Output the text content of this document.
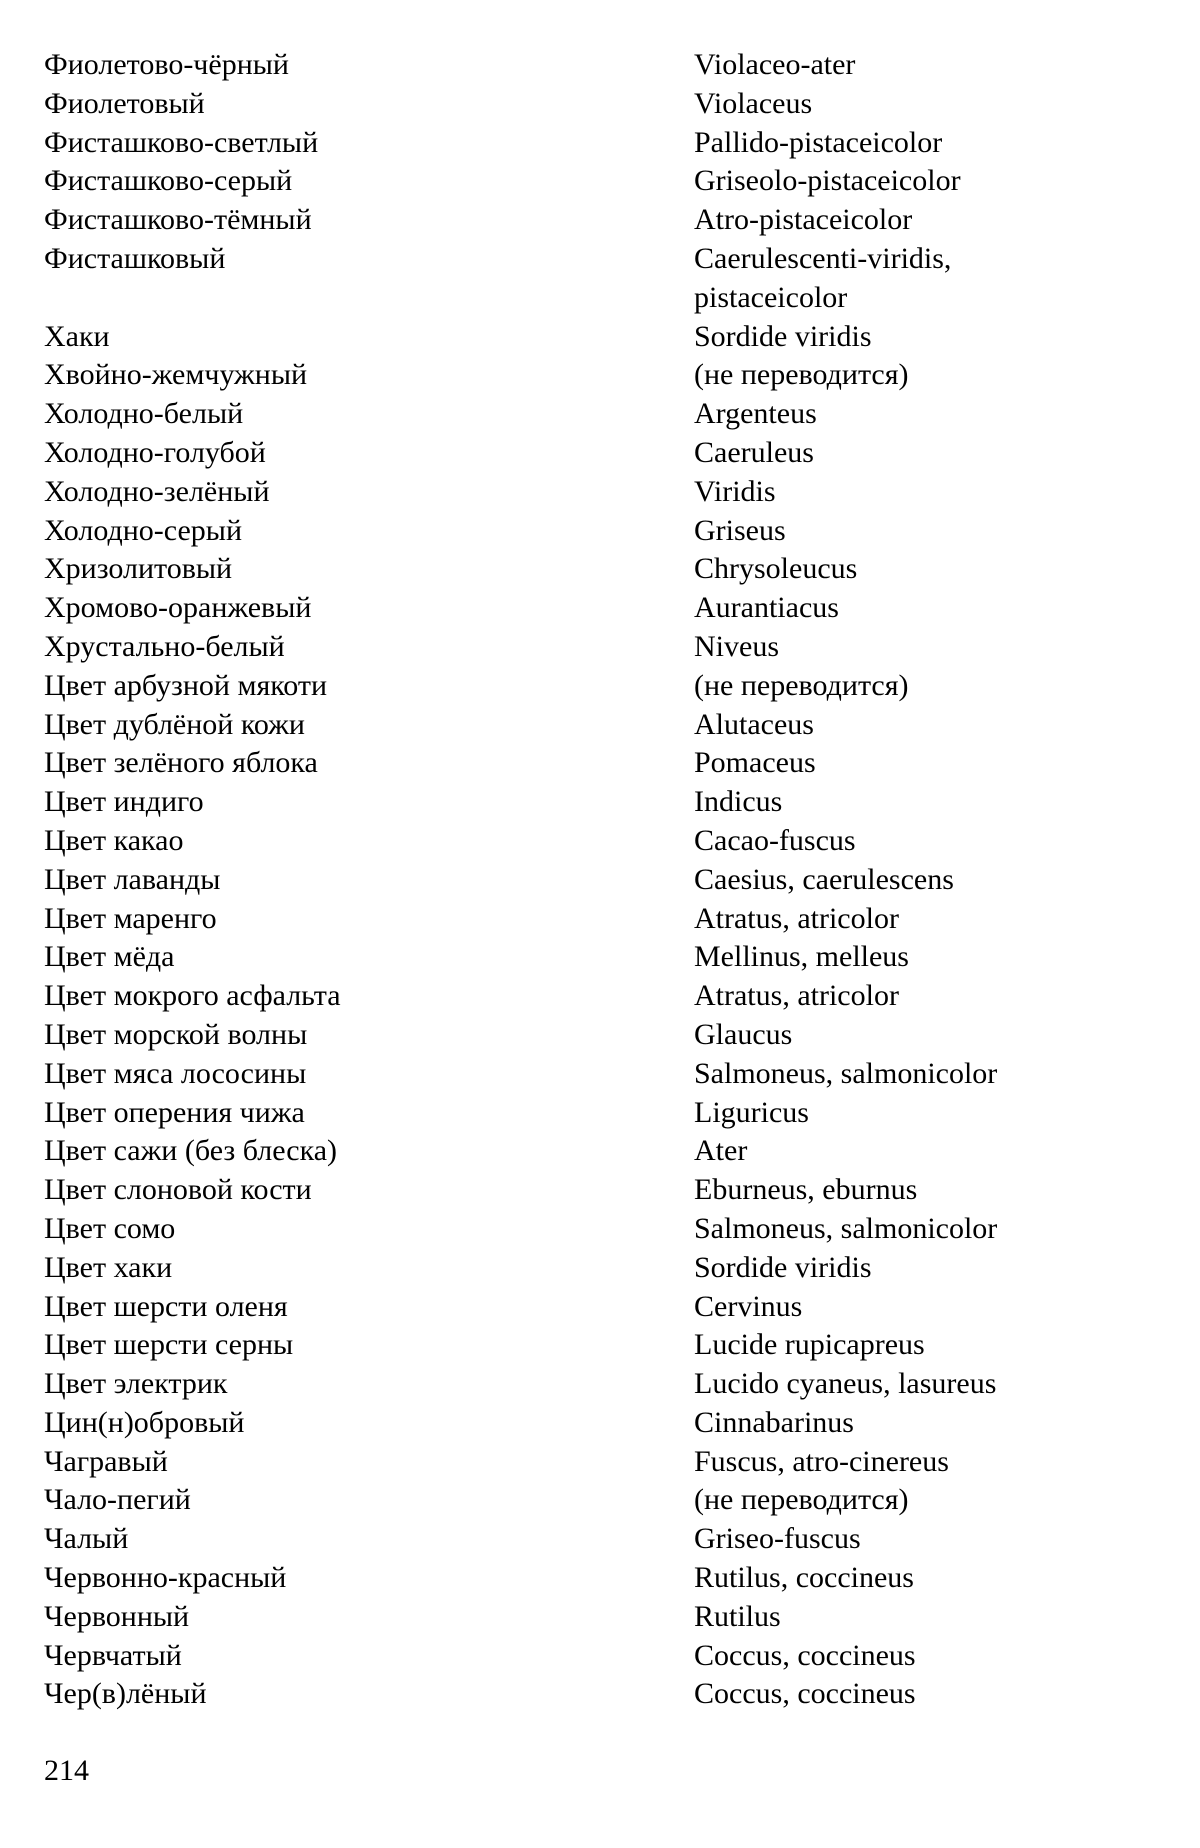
Фиолетово-чёрный	Violaceo-ater
Фиолетовый	Violaceus
Фисташково-светлый	Pallido-pistaceicolor
Фисташково-серый	Griseolo-pistaceicolor
Фисташково-тёмный	Atro-pistaceicolor
Фисташковый	Caerulescenti-viridis,
pistaceicolor
Хаки	Sordide viridis
Хвойно-жемчужный	(не переводится)
Холодно-белый	Argenteus
Холодно-голубой	Caeruleus
Холодно-зелёный	Viridis
Холодно-серый	Griseus
Хризолитовый	Chrysoleucus
Хромово-оранжевый	Aurantiacus
Хрустально-белый	Niveus
Цвет арбузной мякоти	(не переводится)
Цвет дублёной кожи	Alutaceus
Цвет зелёного яблока	Pomaceus
Цвет индиго	Indicus
Цвет какао	Cacao-fuscus
Цвет лаванды	Caesius, caerulescens
Цвет маренго	Atratus, atricolor
Цвет мёда	Mellinus, melleus
Цвет мокрого асфальта	Atratus, atricolor
Цвет морской волны	Glaucus
Цвет мяса лососины	Salmoneus, salmonicolor
Цвет оперения чижа	Liguricus
Цвет сажи (без блеска)	Ater
Цвет слоновой кости	Eburneus, eburnus
Цвет сомо	Salmoneus, salmonicolor
Цвет хаки	Sordide viridis
Цвет шерсти оленя	Cervinus
Цвет шерсти серны	Lucide rupicapreus
Цвет электрик	Lucido cyaneus, lasureus
Цин(н)обровый	Cinnabarinus
Чагравый	Fuscus, atro-cinereus
Чало-пегий	(не переводится)
Чалый	Griseo-fuscus
Червонно-красный	Rutilus, coccineus
Червонный	Rutilus
Червчатый	Coccus, coccineus
Чер(в)лёный	Coccus, coccineus
214
